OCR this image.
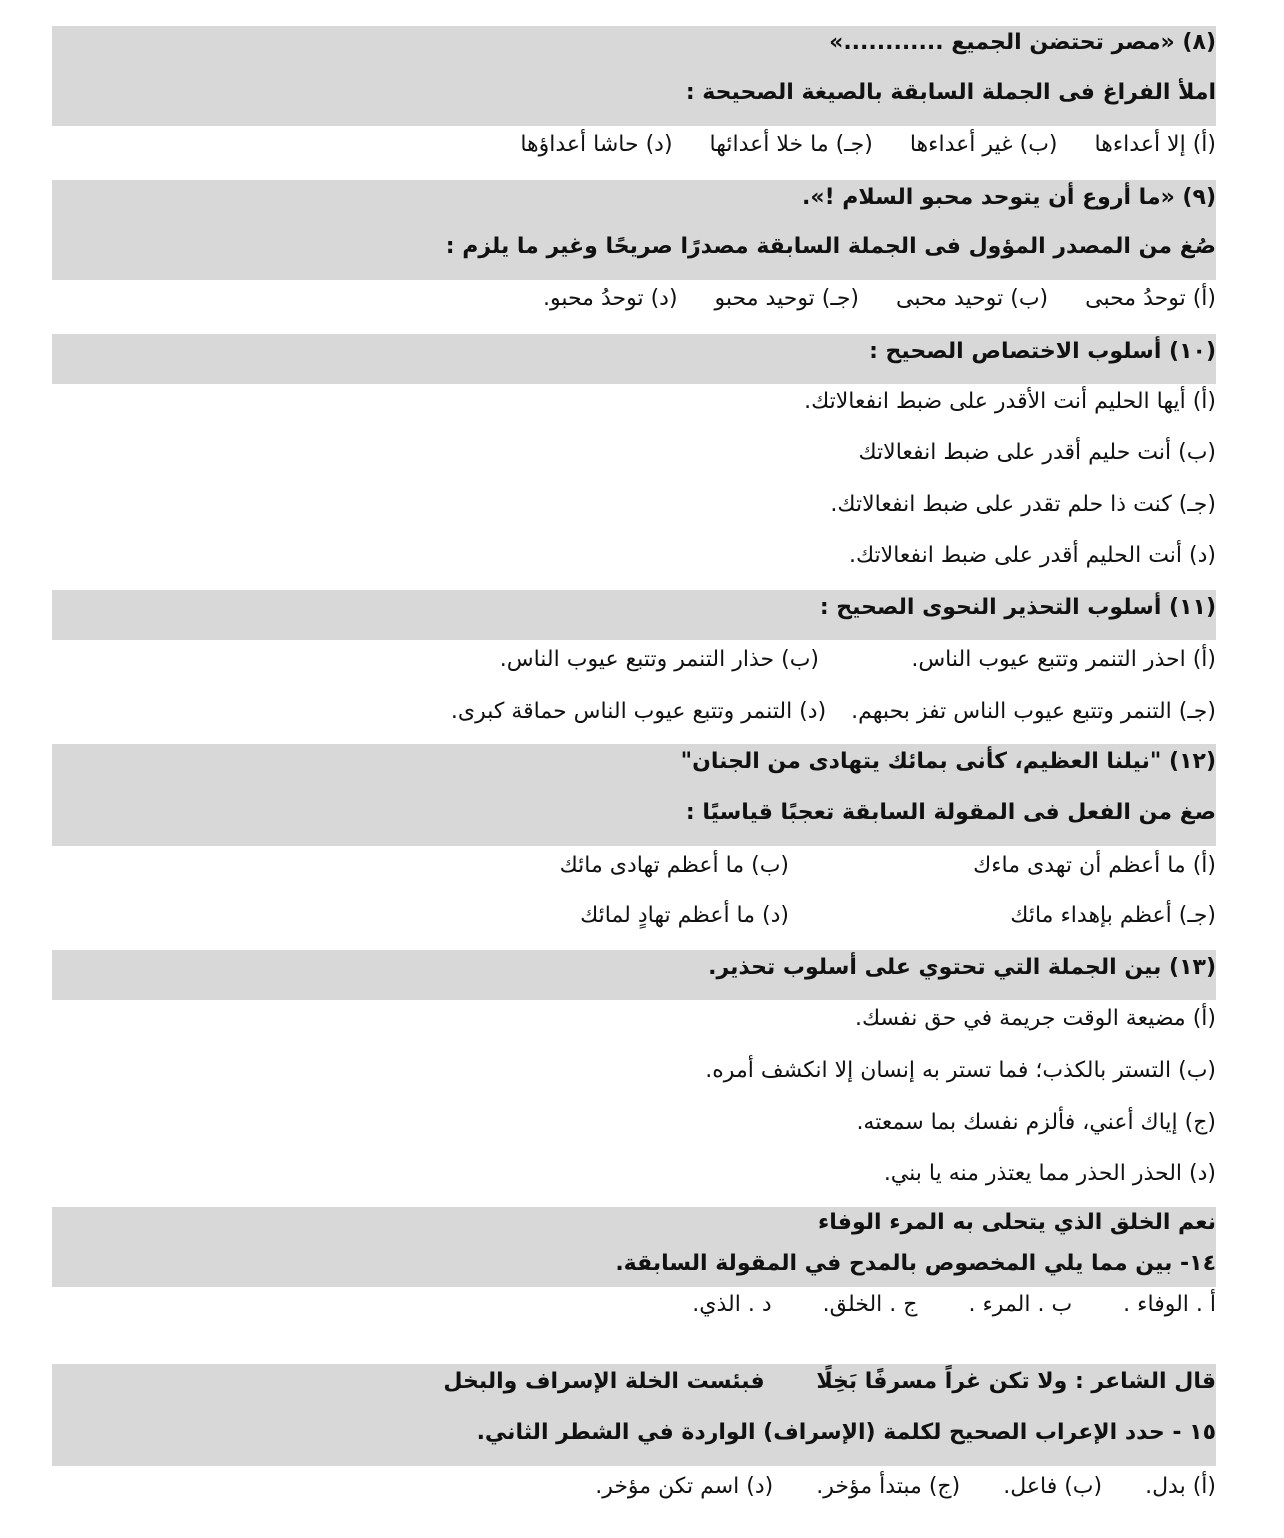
(٨) «مصر تحتضن الجميع ............»
املأ الفراغ فى الجملة السابقة بالصيغة الصحيحة :
(أ) إلا أعداءها (ب) غير أعداءها (جـ) ما خلا أعدائها (د) حاشا أعداؤها
(٩) «ما أروع أن يتوحد محبو السلام !».
صُغ من المصدر المؤول فى الجملة السابقة مصدرًا صريحًا وغير ما يلزم :
(أ) توحدُ محبى (ب) توحيد محبى (جـ) توحيد محبو (د) توحدُ محبو.
(١٠) أسلوب الاختصاص الصحيح :
(أ) أيها الحليم أنت الأقدر على ضبط انفعالاتك.
(ب) أنت حليم أقدر على ضبط انفعالاتك
(جـ) كنت ذا حلم تقدر على ضبط انفعالاتك.
(د) أنت الحليم أقدر على ضبط انفعالاتك.
(١١) أسلوب التحذير النحوى الصحيح :
(أ) احذر التنمر وتتبع عيوب الناس. (ب) حذار التنمر وتتبع عيوب الناس.
(جـ) التنمر وتتبع عيوب الناس تفز بحبهم. (د) التنمر وتتبع عيوب الناس حماقة كبرى.
(١٢) "نيلنا العظيم، كأنى بمائك يتهادى من الجنان"
صغ من الفعل فى المقولة السابقة تعجبًا قياسيًا :
(أ) ما أعظم أن تهدى ماءك (ب) ما أعظم تهادى مائك
(جـ) أعظم بإهداء مائك (د) ما أعظم تهادٍ لمائك
(١٣) بين الجملة التي تحتوي على أسلوب تحذير.
(أ) مضيعة الوقت جريمة في حق نفسك.
(ب) التستر بالكذب؛ فما تستر به إنسان إلا انكشف أمره.
(ج) إياك أعني، فألزم نفسك بما سمعته.
(د) الحذر الحذر مما يعتذر منه يا بني.
نعم الخلق الذي يتحلى به المرء الوفاء
١٤- بين مما يلي المخصوص بالمدح في المقولة السابقة.
أ . الوفاء . ب . المرء . ج . الخلق. د . الذي.
قال الشاعر : ولا تكن غراً مسرفًا بَخِلًا فبئست الخلة الإسراف والبخل
١٥ - حدد الإعراب الصحيح لكلمة (الإسراف) الواردة في الشطر الثاني.
(أ) بدل. (ب) فاعل. (ج) مبتدأ مؤخر. (د) اسم تكن مؤخر.
